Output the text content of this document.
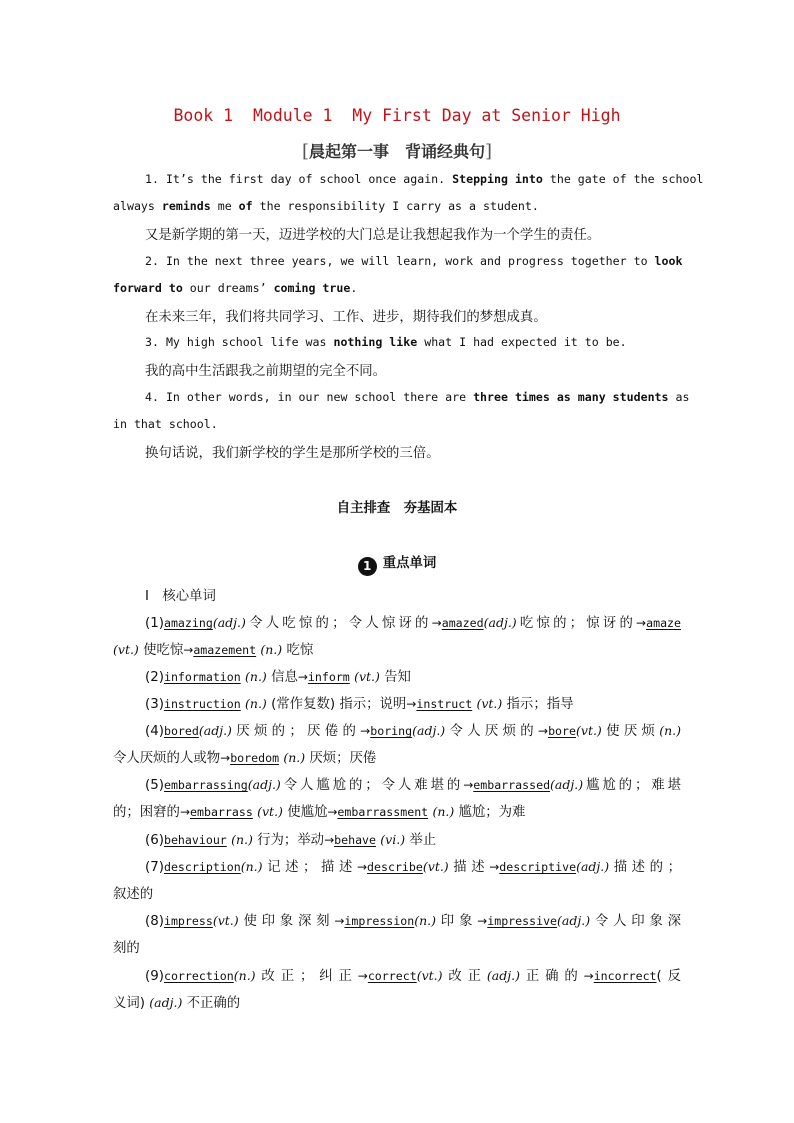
Book 1  Module 1  My First Day at Senior High
[晨起第一事　背诵经典句]
1. It’s the first day of school once again. Stepping into the gate of the school
always reminds me of the responsibility I carry as a student.
又是新学期的第一天，迈进学校的大门总是让我想起我作为一个学生的责任。
2. In the next three years, we will learn, work and progress together to look
forward to our dreams’ coming true.
在未来三年，我们将共同学习、工作、进步，期待我们的梦想成真。
3. My high school life was nothing like what I had expected it to be.
我的高中生活跟我之前期望的完全不同。
4. In other words, in our new school there are three times as many students as
in that school.
换句话说，我们新学校的学生是那所学校的三倍。
自主排查　夯基固本
1 重点单词
Ⅰ　核心单词
(1)amazing(adj.)令人吃惊的；令人惊讶的→amazed(adj.)吃惊的；惊讶的→amaze
(vt.) 使吃惊→amazement (n.) 吃惊
(2)information (n.) 信息→inform (vt.) 告知
(3)instruction (n.) (常作复数) 指示；说明→instruct (vt.) 指示；指导
(4)bored(adj.)厌烦的；厌倦的→boring(adj.)令人厌烦的→bore(vt.)使厌烦(n.)
令人厌烦的人或物→boredom (n.) 厌烦；厌倦
(5)embarrassing(adj.)令人尴尬的；令人难堪的→embarrassed(adj.)尴尬的；难堪
的；困窘的→embarrass (vt.) 使尴尬→embarrassment (n.) 尴尬；为难
(6)behaviour (n.) 行为；举动→behave (vi.) 举止
(7)description(n.)记述；描述→describe(vt.)描述→descriptive(adj.)描述的；
叙述的
(8)impress(vt.)使印象深刻→impression(n.)印象→impressive(adj.)令人印象深
刻的
(9)correction(n.)改正；纠正→correct(vt.)改正(adj.)正确的→incorrect(反
义词) (adj.) 不正确的
